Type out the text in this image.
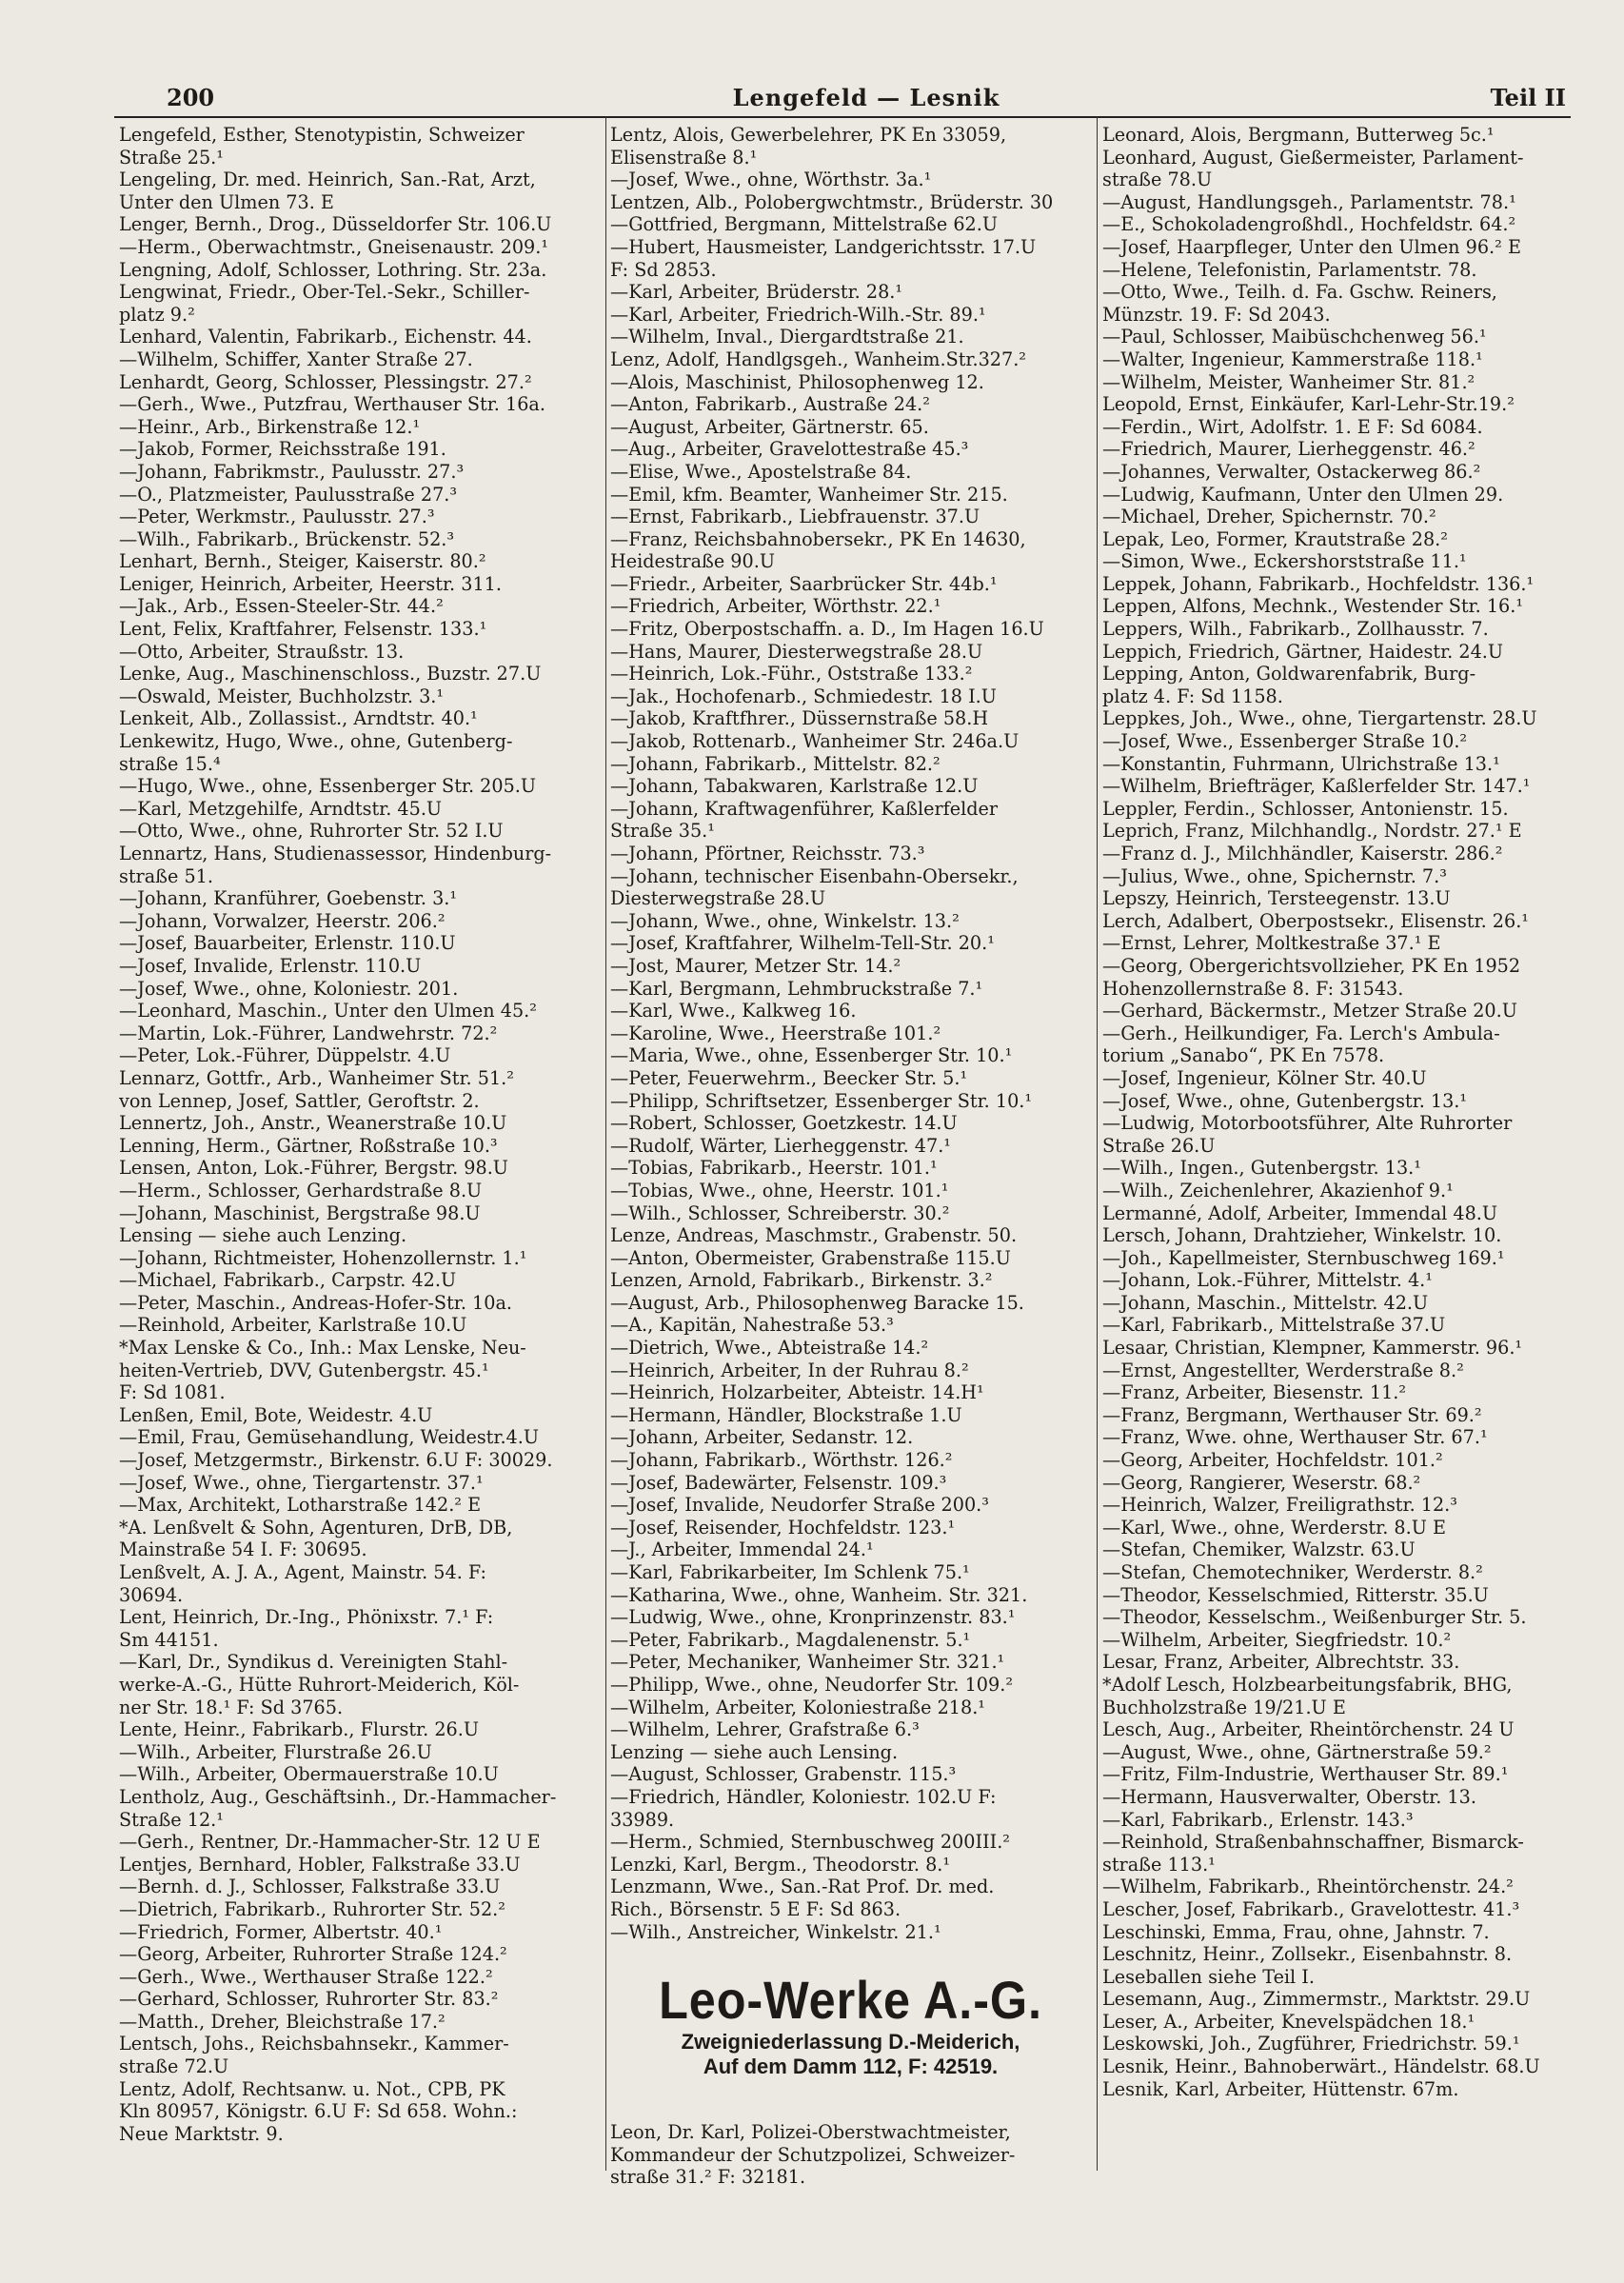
200	Lengefeld — Lesnik	Teil II
Lengefeld, Esther, Stenotypistin, Schweizer
Straße 25.¹
Lengeling, Dr. med. Heinrich, San.-Rat, Arzt,
Unter den Ulmen 73. E
Lenger, Bernh., Drog., Düsseldorfer Str. 106.U
—Herm., Oberwachtmstr., Gneisenaustr. 209.¹
Lengning, Adolf, Schlosser, Lothring. Str. 23a.
Lengwinat, Friedr., Ober-Tel.-Sekr., Schiller-
platz 9.²
Lenhard, Valentin, Fabrikarb., Eichenstr. 44.
—Wilhelm, Schiffer, Xanter Straße 27.
Lenhardt, Georg, Schlosser, Plessingstr. 27.²
—Gerh., Wwe., Putzfrau, Werthauser Str. 16a.
—Heinr., Arb., Birkenstraße 12.¹
—Jakob, Former, Reichsstraße 191.
—Johann, Fabrikmstr., Paulusstr. 27.³
—O., Platzmeister, Paulusstraße 27.³
—Peter, Werkmstr., Paulusstr. 27.³
—Wilh., Fabrikarb., Brückenstr. 52.³
Lenhart, Bernh., Steiger, Kaiserstr. 80.²
Leniger, Heinrich, Arbeiter, Heerstr. 311.
—Jak., Arb., Essen-Steeler-Str. 44.²
Lent, Felix, Kraftfahrer, Felsenstr. 133.¹
—Otto, Arbeiter, Straußstr. 13.
Lenke, Aug., Maschinenschloss., Buzstr. 27.U
—Oswald, Meister, Buchholzstr. 3.¹
Lenkeit, Alb., Zollassist., Arndtstr. 40.¹
Lenkewitz, Hugo, Wwe., ohne, Gutenberg-
straße 15.⁴
—Hugo, Wwe., ohne, Essenberger Str. 205.U
—Karl, Metzgehilfe, Arndtstr. 45.U
—Otto, Wwe., ohne, Ruhrorter Str. 52 I.U
Lennartz, Hans, Studienassessor, Hindenburg-
straße 51.
—Johann, Kranführer, Goebenstr. 3.¹
—Johann, Vorwalzer, Heerstr. 206.²
—Josef, Bauarbeiter, Erlenstr. 110.U
—Josef, Invalide, Erlenstr. 110.U
—Josef, Wwe., ohne, Koloniestr. 201.
—Leonhard, Maschin., Unter den Ulmen 45.²
—Martin, Lok.-Führer, Landwehrstr. 72.²
—Peter, Lok.-Führer, Düppelstr. 4.U
Lennarz, Gottfr., Arb., Wanheimer Str. 51.²
von Lennep, Josef, Sattler, Geroftstr. 2.
Lennertz, Joh., Anstr., Weanerstraße 10.U
Lenning, Herm., Gärtner, Roßstraße 10.³
Lensen, Anton, Lok.-Führer, Bergstr. 98.U
—Herm., Schlosser, Gerhardstraße 8.U
—Johann, Maschinist, Bergstraße 98.U
Lensing — siehe auch Lenzing.
—Johann, Richtmeister, Hohenzollernstr. 1.¹
—Michael, Fabrikarb., Carpstr. 42.U
—Peter, Maschin., Andreas-Hofer-Str. 10a.
—Reinhold, Arbeiter, Karlstraße 10.U
*Max Lenske & Co., Inh.: Max Lenske, Neu-
heiten-Vertrieb, DVV, Gutenbergstr. 45.¹
F: Sd 1081.
Lenßen, Emil, Bote, Weidestr. 4.U
—Emil, Frau, Gemüsehandlung, Weidestr.4.U
—Josef, Metzgermstr., Birkenstr. 6.U F: 30029.
—Josef, Wwe., ohne, Tiergartenstr. 37.¹
—Max, Architekt, Lotharstraße 142.² E
*A. Lenßvelt & Sohn, Agenturen, DrB, DB,
Mainstraße 54 I. F: 30695.
Lenßvelt, A. J. A., Agent, Mainstr. 54. F:
30694.
Lent, Heinrich, Dr.-Ing., Phönixstr. 7.¹ F:
Sm 44151.
—Karl, Dr., Syndikus d. Vereinigten Stahl-
werke-A.-G., Hütte Ruhrort-Meiderich, Köl-
ner Str. 18.¹ F: Sd 3765.
Lente, Heinr., Fabrikarb., Flurstr. 26.U
—Wilh., Arbeiter, Flurstraße 26.U
—Wilh., Arbeiter, Obermauerstraße 10.U
Lentholz, Aug., Geschäftsinh., Dr.-Hammacher-
Straße 12.¹
—Gerh., Rentner, Dr.-Hammacher-Str. 12 U E
Lentjes, Bernhard, Hobler, Falkstraße 33.U
—Bernh. d. J., Schlosser, Falkstraße 33.U
—Dietrich, Fabrikarb., Ruhrorter Str. 52.²
—Friedrich, Former, Albertstr. 40.¹
—Georg, Arbeiter, Ruhrorter Straße 124.²
—Gerh., Wwe., Werthauser Straße 122.²
—Gerhard, Schlosser, Ruhrorter Str. 83.²
—Matth., Dreher, Bleichstraße 17.²
Lentsch, Johs., Reichsbahnsekr., Kammer-
straße 72.U
Lentz, Adolf, Rechtsanw. u. Not., CPB, PK
Kln 80957, Königstr. 6.U F: Sd 658. Wohn.:
Neue Marktstr. 9.
Lentz, Alois, Gewerbelehrer, PK En 33059,
Elisenstraße 8.¹
—Josef, Wwe., ohne, Wörthstr. 3a.¹
Lentzen, Alb., Polobergwchtmstr., Brüderstr. 30
—Gottfried, Bergmann, Mittelstraße 62.U
—Hubert, Hausmeister, Landgerichtsstr. 17.U
F: Sd 2853.
—Karl, Arbeiter, Brüderstr. 28.¹
—Karl, Arbeiter, Friedrich-Wilh.-Str. 89.¹
—Wilhelm, Inval., Diergardtstraße 21.
Lenz, Adolf, Handlgsgeh., Wanheim.Str.327.²
—Alois, Maschinist, Philosophenweg 12.
—Anton, Fabrikarb., Austraße 24.²
—August, Arbeiter, Gärtnerstr. 65.
—Aug., Arbeiter, Gravelottestraße 45.³
—Elise, Wwe., Apostelstraße 84.
—Emil, kfm. Beamter, Wanheimer Str. 215.
—Ernst, Fabrikarb., Liebfrauenstr. 37.U
—Franz, Reichsbahnobersekr., PK En 14630,
Heidestraße 90.U
—Friedr., Arbeiter, Saarbrücker Str. 44b.¹
—Friedrich, Arbeiter, Wörthstr. 22.¹
—Fritz, Oberpostschaffn. a. D., Im Hagen 16.U
—Hans, Maurer, Diesterwegstraße 28.U
—Heinrich, Lok.-Führ., Oststraße 133.²
—Jak., Hochofenarb., Schmiedestr. 18 I.U
—Jakob, Kraftfhrer., Düssernstraße 58.H
—Jakob, Rottenarb., Wanheimer Str. 246a.U
—Johann, Fabrikarb., Mittelstr. 82.²
—Johann, Tabakwaren, Karlstraße 12.U
—Johann, Kraftwagenführer, Kaßlerfelder
Straße 35.¹
—Johann, Pförtner, Reichsstr. 73.³
—Johann, technischer Eisenbahn-Obersekr.,
Diesterwegstraße 28.U
—Johann, Wwe., ohne, Winkelstr. 13.²
—Josef, Kraftfahrer, Wilhelm-Tell-Str. 20.¹
—Jost, Maurer, Metzer Str. 14.²
—Karl, Bergmann, Lehmbruckstraße 7.¹
—Karl, Wwe., Kalkweg 16.
—Karoline, Wwe., Heerstraße 101.²
—Maria, Wwe., ohne, Essenberger Str. 10.¹
—Peter, Feuerwehrm., Beecker Str. 5.¹
—Philipp, Schriftsetzer, Essenberger Str. 10.¹
—Robert, Schlosser, Goetzkestr. 14.U
—Rudolf, Wärter, Lierheggenstr. 47.¹
—Tobias, Fabrikarb., Heerstr. 101.¹
—Tobias, Wwe., ohne, Heerstr. 101.¹
—Wilh., Schlosser, Schreiberstr. 30.²
Lenze, Andreas, Maschmstr., Grabenstr. 50.
—Anton, Obermeister, Grabenstraße 115.U
Lenzen, Arnold, Fabrikarb., Birkenstr. 3.²
—August, Arb., Philosophenweg Baracke 15.
—A., Kapitän, Nahestraße 53.³
—Dietrich, Wwe., Abteistraße 14.²
—Heinrich, Arbeiter, In der Ruhrau 8.²
—Heinrich, Holzarbeiter, Abteistr. 14.H¹
—Hermann, Händler, Blockstraße 1.U
—Johann, Arbeiter, Sedanstr. 12.
—Johann, Fabrikarb., Wörthstr. 126.²
—Josef, Badewärter, Felsenstr. 109.³
—Josef, Invalide, Neudorfer Straße 200.³
—Josef, Reisender, Hochfeldstr. 123.¹
—J., Arbeiter, Immendal 24.¹
—Karl, Fabrikarbeiter, Im Schlenk 75.¹
—Katharina, Wwe., ohne, Wanheim. Str. 321.
—Ludwig, Wwe., ohne, Kronprinzenstr. 83.¹
—Peter, Fabrikarb., Magdalenenstr. 5.¹
—Peter, Mechaniker, Wanheimer Str. 321.¹
—Philipp, Wwe., ohne, Neudorfer Str. 109.²
—Wilhelm, Arbeiter, Koloniestraße 218.¹
—Wilhelm, Lehrer, Grafstraße 6.³
Lenzing — siehe auch Lensing.
—August, Schlosser, Grabenstr. 115.³
—Friedrich, Händler, Koloniestr. 102.U F:
33989.
—Herm., Schmied, Sternbuschweg 200III.²
Lenzki, Karl, Bergm., Theodorstr. 8.¹
Lenzmann, Wwe., San.-Rat Prof. Dr. med.
Rich., Börsenstr. 5 E F: Sd 863.
—Wilh., Anstreicher, Winkelstr. 21.¹
Leonard, Alois, Bergmann, Butterweg 5c.¹
Leonhard, August, Gießermeister, Parlament-
straße 78.U
—August, Handlungsgeh., Parlamentstr. 78.¹
—E., Schokoladengroßhdl., Hochfeldstr. 64.²
—Josef, Haarpfleger, Unter den Ulmen 96.² E
—Helene, Telefonistin, Parlamentstr. 78.
—Otto, Wwe., Teilh. d. Fa. Gschw. Reiners,
Münzstr. 19. F: Sd 2043.
—Paul, Schlosser, Maibüschchenweg 56.¹
—Walter, Ingenieur, Kammerstraße 118.¹
—Wilhelm, Meister, Wanheimer Str. 81.²
Leopold, Ernst, Einkäufer, Karl-Lehr-Str.19.²
—Ferdin., Wirt, Adolfstr. 1. E F: Sd 6084.
—Friedrich, Maurer, Lierheggenstr. 46.²
—Johannes, Verwalter, Ostackerweg 86.²
—Ludwig, Kaufmann, Unter den Ulmen 29.
—Michael, Dreher, Spichernstr. 70.²
Lepak, Leo, Former, Krautstraße 28.²
—Simon, Wwe., Eckershorststraße 11.¹
Leppek, Johann, Fabrikarb., Hochfeldstr. 136.¹
Leppen, Alfons, Mechnk., Westender Str. 16.¹
Leppers, Wilh., Fabrikarb., Zollhausstr. 7.
Leppich, Friedrich, Gärtner, Haidestr. 24.U
Lepping, Anton, Goldwarenfabrik, Burg-
platz 4. F: Sd 1158.
Leppkes, Joh., Wwe., ohne, Tiergartenstr. 28.U
—Josef, Wwe., Essenberger Straße 10.²
—Konstantin, Fuhrmann, Ulrichstraße 13.¹
—Wilhelm, Briefträger, Kaßlerfelder Str. 147.¹
Leppler, Ferdin., Schlosser, Antonienstr. 15.
Leprich, Franz, Milchhandlg., Nordstr. 27.¹ E
—Franz d. J., Milchhändler, Kaiserstr. 286.²
—Julius, Wwe., ohne, Spichernstr. 7.³
Lepszy, Heinrich, Tersteegenstr. 13.U
Lerch, Adalbert, Oberpostsekr., Elisenstr. 26.¹
—Ernst, Lehrer, Moltkestraße 37.¹ E
—Georg, Obergerichtsvollzieher, PK En 1952
Hohenzollernstraße 8. F: 31543.
—Gerhard, Bäckermstr., Metzer Straße 20.U
—Gerh., Heilkundiger, Fa. Lerch's Ambula-
torium „Sanabo“, PK En 7578.
—Josef, Ingenieur, Kölner Str. 40.U
—Josef, Wwe., ohne, Gutenbergstr. 13.¹
—Ludwig, Motorbootsführer, Alte Ruhrorter
Straße 26.U
—Wilh., Ingen., Gutenbergstr. 13.¹
—Wilh., Zeichenlehrer, Akazienhof 9.¹
Lermanné, Adolf, Arbeiter, Immendal 48.U
Lersch, Johann, Drahtzieher, Winkelstr. 10.
—Joh., Kapellmeister, Sternbuschweg 169.¹
—Johann, Lok.-Führer, Mittelstr. 4.¹
—Johann, Maschin., Mittelstr. 42.U
—Karl, Fabrikarb., Mittelstraße 37.U
Lesaar, Christian, Klempner, Kammerstr. 96.¹
—Ernst, Angestellter, Werderstraße 8.²
—Franz, Arbeiter, Biesenstr. 11.²
—Franz, Bergmann, Werthauser Str. 69.²
—Franz, Wwe. ohne, Werthauser Str. 67.¹
—Georg, Arbeiter, Hochfeldstr. 101.²
—Georg, Rangierer, Weserstr. 68.²
—Heinrich, Walzer, Freiligrathstr. 12.³
—Karl, Wwe., ohne, Werderstr. 8.U E
—Stefan, Chemiker, Walzstr. 63.U
—Stefan, Chemotechniker, Werderstr. 8.²
—Theodor, Kesselschmied, Ritterstr. 35.U
—Theodor, Kesselschm., Weißenburger Str. 5.
—Wilhelm, Arbeiter, Siegfriedstr. 10.²
Lesar, Franz, Arbeiter, Albrechtstr. 33.
*Adolf Lesch, Holzbearbeitungsfabrik, BHG,
Buchholzstraße 19/21.U E
Lesch, Aug., Arbeiter, Rheintörchenstr. 24 U
—August, Wwe., ohne, Gärtnerstraße 59.²
—Fritz, Film-Industrie, Werthauser Str. 89.¹
—Hermann, Hausverwalter, Oberstr. 13.
—Karl, Fabrikarb., Erlenstr. 143.³
—Reinhold, Straßenbahnschaffner, Bismarck-
straße 113.¹
—Wilhelm, Fabrikarb., Rheintörchenstr. 24.²
Lescher, Josef, Fabrikarb., Gravelottestr. 41.³
Leschinski, Emma, Frau, ohne, Jahnstr. 7.
Leschnitz, Heinr., Zollsekr., Eisenbahnstr. 8.
Leseballen siehe Teil I.
Lesemann, Aug., Zimmermstr., Marktstr. 29.U
Leser, A., Arbeiter, Knevelspädchen 18.¹
Leskowski, Joh., Zugführer, Friedrichstr. 59.¹
Lesnik, Heinr., Bahnoberwärt., Händelstr. 68.U
Lesnik, Karl, Arbeiter, Hüttenstr. 67m.
Leo-Werke A.-G.
Zweigniederlassung D.-Meiderich,
Auf dem Damm 112, F: 42519.
Leon, Dr. Karl, Polizei-Oberstwachtmeister,
Kommandeur der Schutzpolizei, Schweizer-
straße 31.² F: 32181.
